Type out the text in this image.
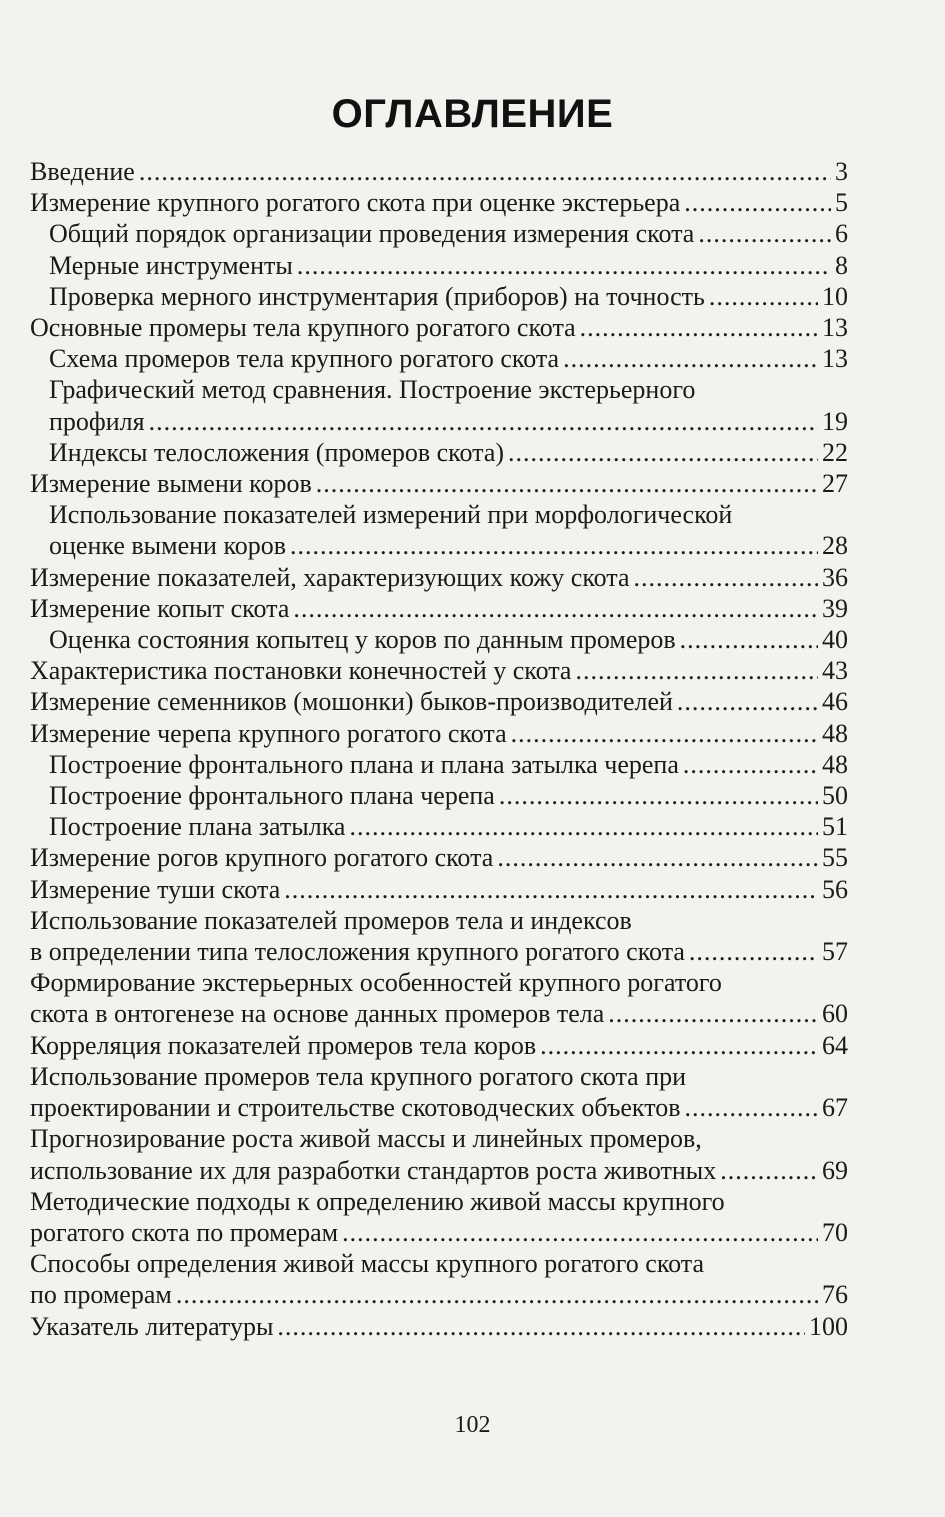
ОГЛАВЛЕНИЕ
Введение .....	3
Измерение крупного рогатого скота при оценке экстерьера .....	5
Общий порядок организации проведения измерения скота .....	6
Мерные инструменты .....	8
Проверка мерного инструментария (приборов) на точность .....	10
Основные промеры тела крупного рогатого скота .....	13
Схема промеров тела крупного рогатого скота .....	13
Графический метод сравнения. Построение экстерьерного
профиля .....	19
Индексы телосложения (промеров скота) .....	22
Измерение вымени коров .....	27
Использование показателей измерений при морфологической
оценке вымени коров .....	28
Измерение показателей, характеризующих кожу скота .....	36
Измерение копыт скота .....	39
Оценка состояния копытец у коров по данным промеров .....	40
Характеристика постановки конечностей у скота .....	43
Измерение семенников (мошонки) быков-производителей .....	46
Измерение черепа крупного рогатого скота .....	48
Построение фронтального плана и плана затылка черепа .....	48
Построение фронтального плана черепа .....	50
Построение плана затылка .....	51
Измерение рогов крупного рогатого скота .....	55
Измерение туши скота .....	56
Использование показателей промеров тела и индексов
в определении типа телосложения крупного рогатого скота .....	57
Формирование экстерьерных особенностей крупного рогатого
скота в онтогенезе на основе данных промеров тела .....	60
Корреляция показателей промеров тела коров .....	64
Использование промеров тела крупного рогатого скота при
проектировании и строительстве скотоводческих объектов .....	67
Прогнозирование роста живой массы и линейных промеров,
использование их для разработки стандартов роста животных .....	69
Методические подходы к определению живой массы крупного
рогатого скота по промерам .....	70
Способы определения живой массы крупного рогатого скота
по промерам .....	76
Указатель литературы .....	100
102
